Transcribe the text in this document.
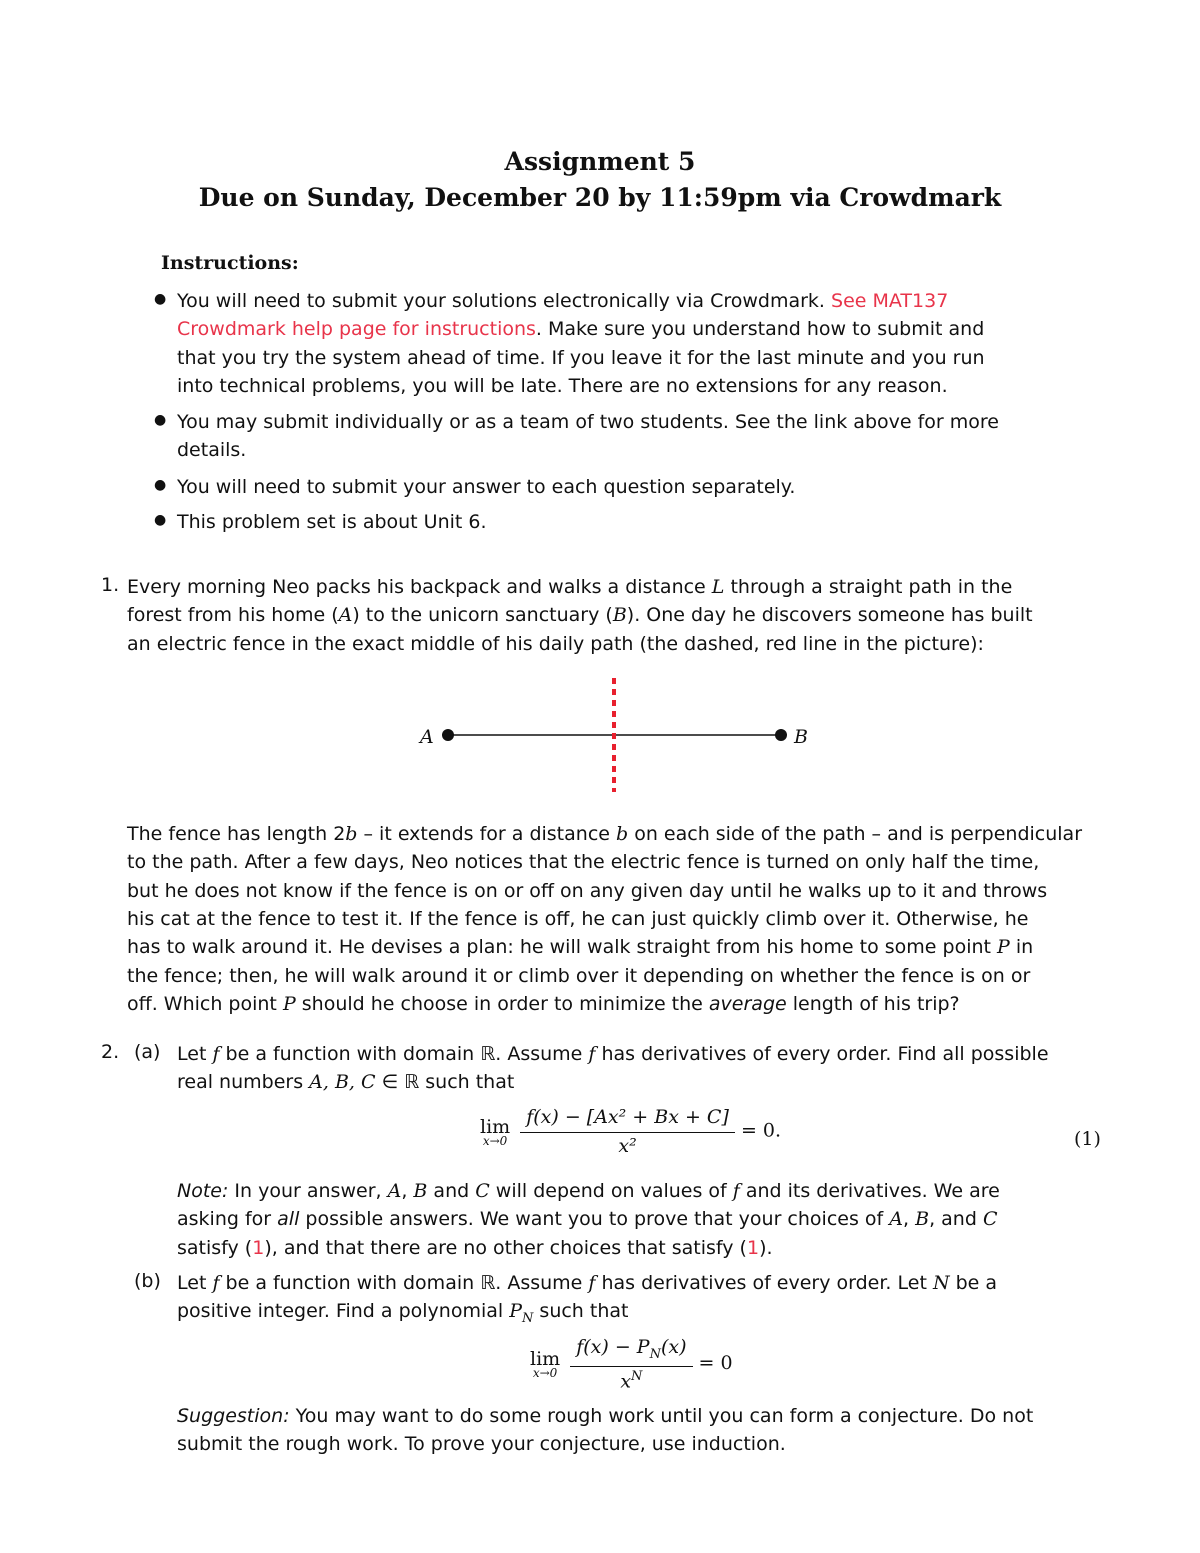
Assignment 5
Due on Sunday, December 20 by 11:59pm via Crowdmark
Instructions:
● You will need to submit your solutions electronically via Crowdmark. See MAT137
Crowdmark help page for instructions. Make sure you understand how to submit and
that you try the system ahead of time. If you leave it for the last minute and you run
into technical problems, you will be late. There are no extensions for any reason.
● You may submit individually or as a team of two students. See the link above for more
details.
● You will need to submit your answer to each question separately.
● This problem set is about Unit 6.
1. Every morning Neo packs his backpack and walks a distance L through a straight path in the
forest from his home (A) to the unicorn sanctuary (B). One day he discovers someone has built
an electric fence in the exact middle of his daily path (the dashed, red line in the picture):
A	B
The fence has length 2b – it extends for a distance b on each side of the path – and is perpendicular
to the path. After a few days, Neo notices that the electric fence is turned on only half the time,
but he does not know if the fence is on or off on any given day until he walks up to it and throws
his cat at the fence to test it. If the fence is off, he can just quickly climb over it. Otherwise, he
has to walk around it. He devises a plan: he will walk straight from his home to some point P in
the fence; then, he will walk around it or climb over it depending on whether the fence is on or
off. Which point P should he choose in order to minimize the average length of his trip?
2. (a) Let f be a function with domain ℝ. Assume f has derivatives of every order. Find all possible
real numbers A, B, C ∈ ℝ such that
lim
x→0
$\frac{\text{f(x) − [Ax² + Bx + C]}}{\text{x²}} = 0$.	(1)
Note: In your answer, A, B and C will depend on values of f and its derivatives. We are
asking for all possible answers. We want you to prove that your choices of A, B, and C
satisfy (1), and that there are no other choices that satisfy (1).
(b) Let f be a function with domain ℝ. Assume f has derivatives of every order. Let N be a
positive integer. Find a polynomial $P_N$ such that
lim
x→0
$\frac{f(x) - P_N(x)}{x^N} = 0$
Suggestion: You may want to do some rough work until you can form a conjecture. Do not
submit the rough work. To prove your conjecture, use induction.
